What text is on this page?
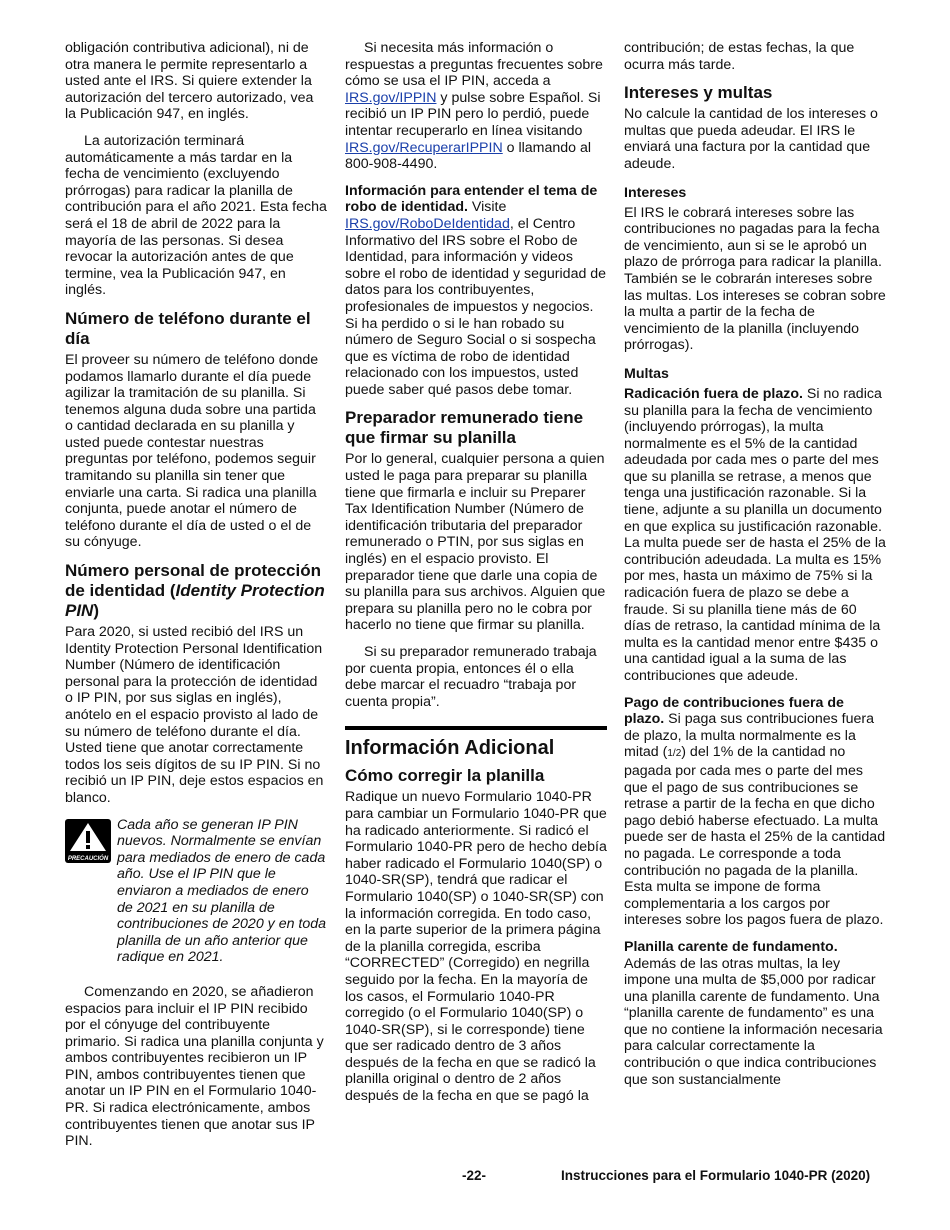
obligación contributiva adicional), ni de otra manera le permite representarlo a usted ante el IRS. Si quiere extender la autorización del tercero autorizado, vea la Publicación 947, en inglés.

La autorización terminará automáticamente a más tardar en la fecha de vencimiento (excluyendo prórrogas) para radicar la planilla de contribución para el año 2021. Esta fecha será el 18 de abril de 2022 para la mayoría de las personas. Si desea revocar la autorización antes de que termine, vea la Publicación 947, en inglés.

Número de teléfono durante el día

El proveer su número de teléfono donde podamos llamarlo durante el día puede agilizar la tramitación de su planilla. Si tenemos alguna duda sobre una partida o cantidad declarada en su planilla y usted puede contestar nuestras preguntas por teléfono, podemos seguir tramitando su planilla sin tener que enviarle una carta. Si radica una planilla conjunta, puede anotar el número de teléfono durante el día de usted o el de su cónyuge.

Número personal de protección de identidad (Identity Protection PIN)

Para 2020, si usted recibió del IRS un Identity Protection Personal Identification Number (Número de identificación personal para la protección de identidad o IP PIN, por sus siglas en inglés), anótelo en el espacio provisto al lado de su número de teléfono durante el día. Usted tiene que anotar correctamente todos los seis dígitos de su IP PIN. Si no recibió un IP PIN, deje estos espacios en blanco.

PRECAUCIÓN
Cada año se generan IP PIN nuevos. Normalmente se envían para mediados de enero de cada año. Use el IP PIN que le enviaron a mediados de enero de 2021 en su planilla de contribuciones de 2020 y en toda planilla de un año anterior que radique en 2021.

Comenzando en 2020, se añadieron espacios para incluir el IP PIN recibido por el cónyuge del contribuyente primario. Si radica una planilla conjunta y ambos contribuyentes recibieron un IP PIN, ambos contribuyentes tienen que anotar un IP PIN en el Formulario 1040-PR. Si radica electrónicamente, ambos contribuyentes tienen que anotar sus IP PIN.

Si necesita más información o respuestas a preguntas frecuentes sobre cómo se usa el IP PIN, acceda a IRS.gov/IPPIN y pulse sobre Español. Si recibió un IP PIN pero lo perdió, puede intentar recuperarlo en línea visitando IRS.gov/RecuperarIPPIN o llamando al 800-908-4490.

Información para entender el tema de robo de identidad. Visite IRS.gov/RoboDeIdentidad, el Centro Informativo del IRS sobre el Robo de Identidad, para información y videos sobre el robo de identidad y seguridad de datos para los contribuyentes, profesionales de impuestos y negocios. Si ha perdido o si le han robado su número de Seguro Social o si sospecha que es víctima de robo de identidad relacionado con los impuestos, usted puede saber qué pasos debe tomar.

Preparador remunerado tiene que firmar su planilla

Por lo general, cualquier persona a quien usted le paga para preparar su planilla tiene que firmarla e incluir su Preparer Tax Identification Number (Número de identificación tributaria del preparador remunerado o PTIN, por sus siglas en inglés) en el espacio provisto. El preparador tiene que darle una copia de su planilla para sus archivos. Alguien que prepara su planilla pero no le cobra por hacerlo no tiene que firmar su planilla.

Si su preparador remunerado trabaja por cuenta propia, entonces él o ella debe marcar el recuadro “trabaja por cuenta propia”.

Información Adicional
Cómo corregir la planilla

Radique un nuevo Formulario 1040-PR para cambiar un Formulario 1040-PR que ha radicado anteriormente. Si radicó el Formulario 1040-PR pero de hecho debía haber radicado el Formulario 1040(SP) o 1040-SR(SP), tendrá que radicar el Formulario 1040(SP) o 1040-SR(SP) con la información corregida. En todo caso, en la parte superior de la primera página de la planilla corregida, escriba “CORRECTED” (Corregido) en negrilla seguido por la fecha. En la mayoría de los casos, el Formulario 1040-PR corregido (o el Formulario 1040(SP) o 1040-SR(SP), si le corresponde) tiene que ser radicado dentro de 3 años después de la fecha en que se radicó la planilla original o dentro de 2 años después de la fecha en que se pagó la

contribución; de estas fechas, la que ocurra más tarde.

Intereses y multas

No calcule la cantidad de los intereses o multas que pueda adeudar. El IRS le enviará una factura por la cantidad que adeude.

Intereses

El IRS le cobrará intereses sobre las contribuciones no pagadas para la fecha de vencimiento, aun si se le aprobó un plazo de prórroga para radicar la planilla. También se le cobrarán intereses sobre las multas. Los intereses se cobran sobre la multa a partir de la fecha de vencimiento de la planilla (incluyendo prórrogas).

Multas

Radicación fuera de plazo. Si no radica su planilla para la fecha de vencimiento (incluyendo prórrogas), la multa normalmente es el 5% de la cantidad adeudada por cada mes o parte del mes que su planilla se retrase, a menos que tenga una justificación razonable. Si la tiene, adjunte a su planilla un documento en que explica su justificación razonable. La multa puede ser de hasta el 25% de la contribución adeudada. La multa es 15% por mes, hasta un máximo de 75% si la radicación fuera de plazo se debe a fraude. Si su planilla tiene más de 60 días de retraso, la cantidad mínima de la multa es la cantidad menor entre $435 o una cantidad igual a la suma de las contribuciones que adeude.

Pago de contribuciones fuera de plazo. Si paga sus contribuciones fuera de plazo, la multa normalmente es la mitad (1/2) del 1% de la cantidad no pagada por cada mes o parte del mes que el pago de sus contribuciones se retrase a partir de la fecha en que dicho pago debió haberse efectuado. La multa puede ser de hasta el 25% de la cantidad no pagada. Le corresponde a toda contribución no pagada de la planilla. Esta multa se impone de forma complementaria a los cargos por intereses sobre los pagos fuera de plazo.

Planilla carente de fundamento. Además de las otras multas, la ley impone una multa de $5,000 por radicar una planilla carente de fundamento. Una “planilla carente de fundamento” es una que no contiene la información necesaria para calcular correctamente la contribución o que indica contribuciones que son sustancialmente

-22-	Instrucciones para el Formulario 1040-PR (2020)
